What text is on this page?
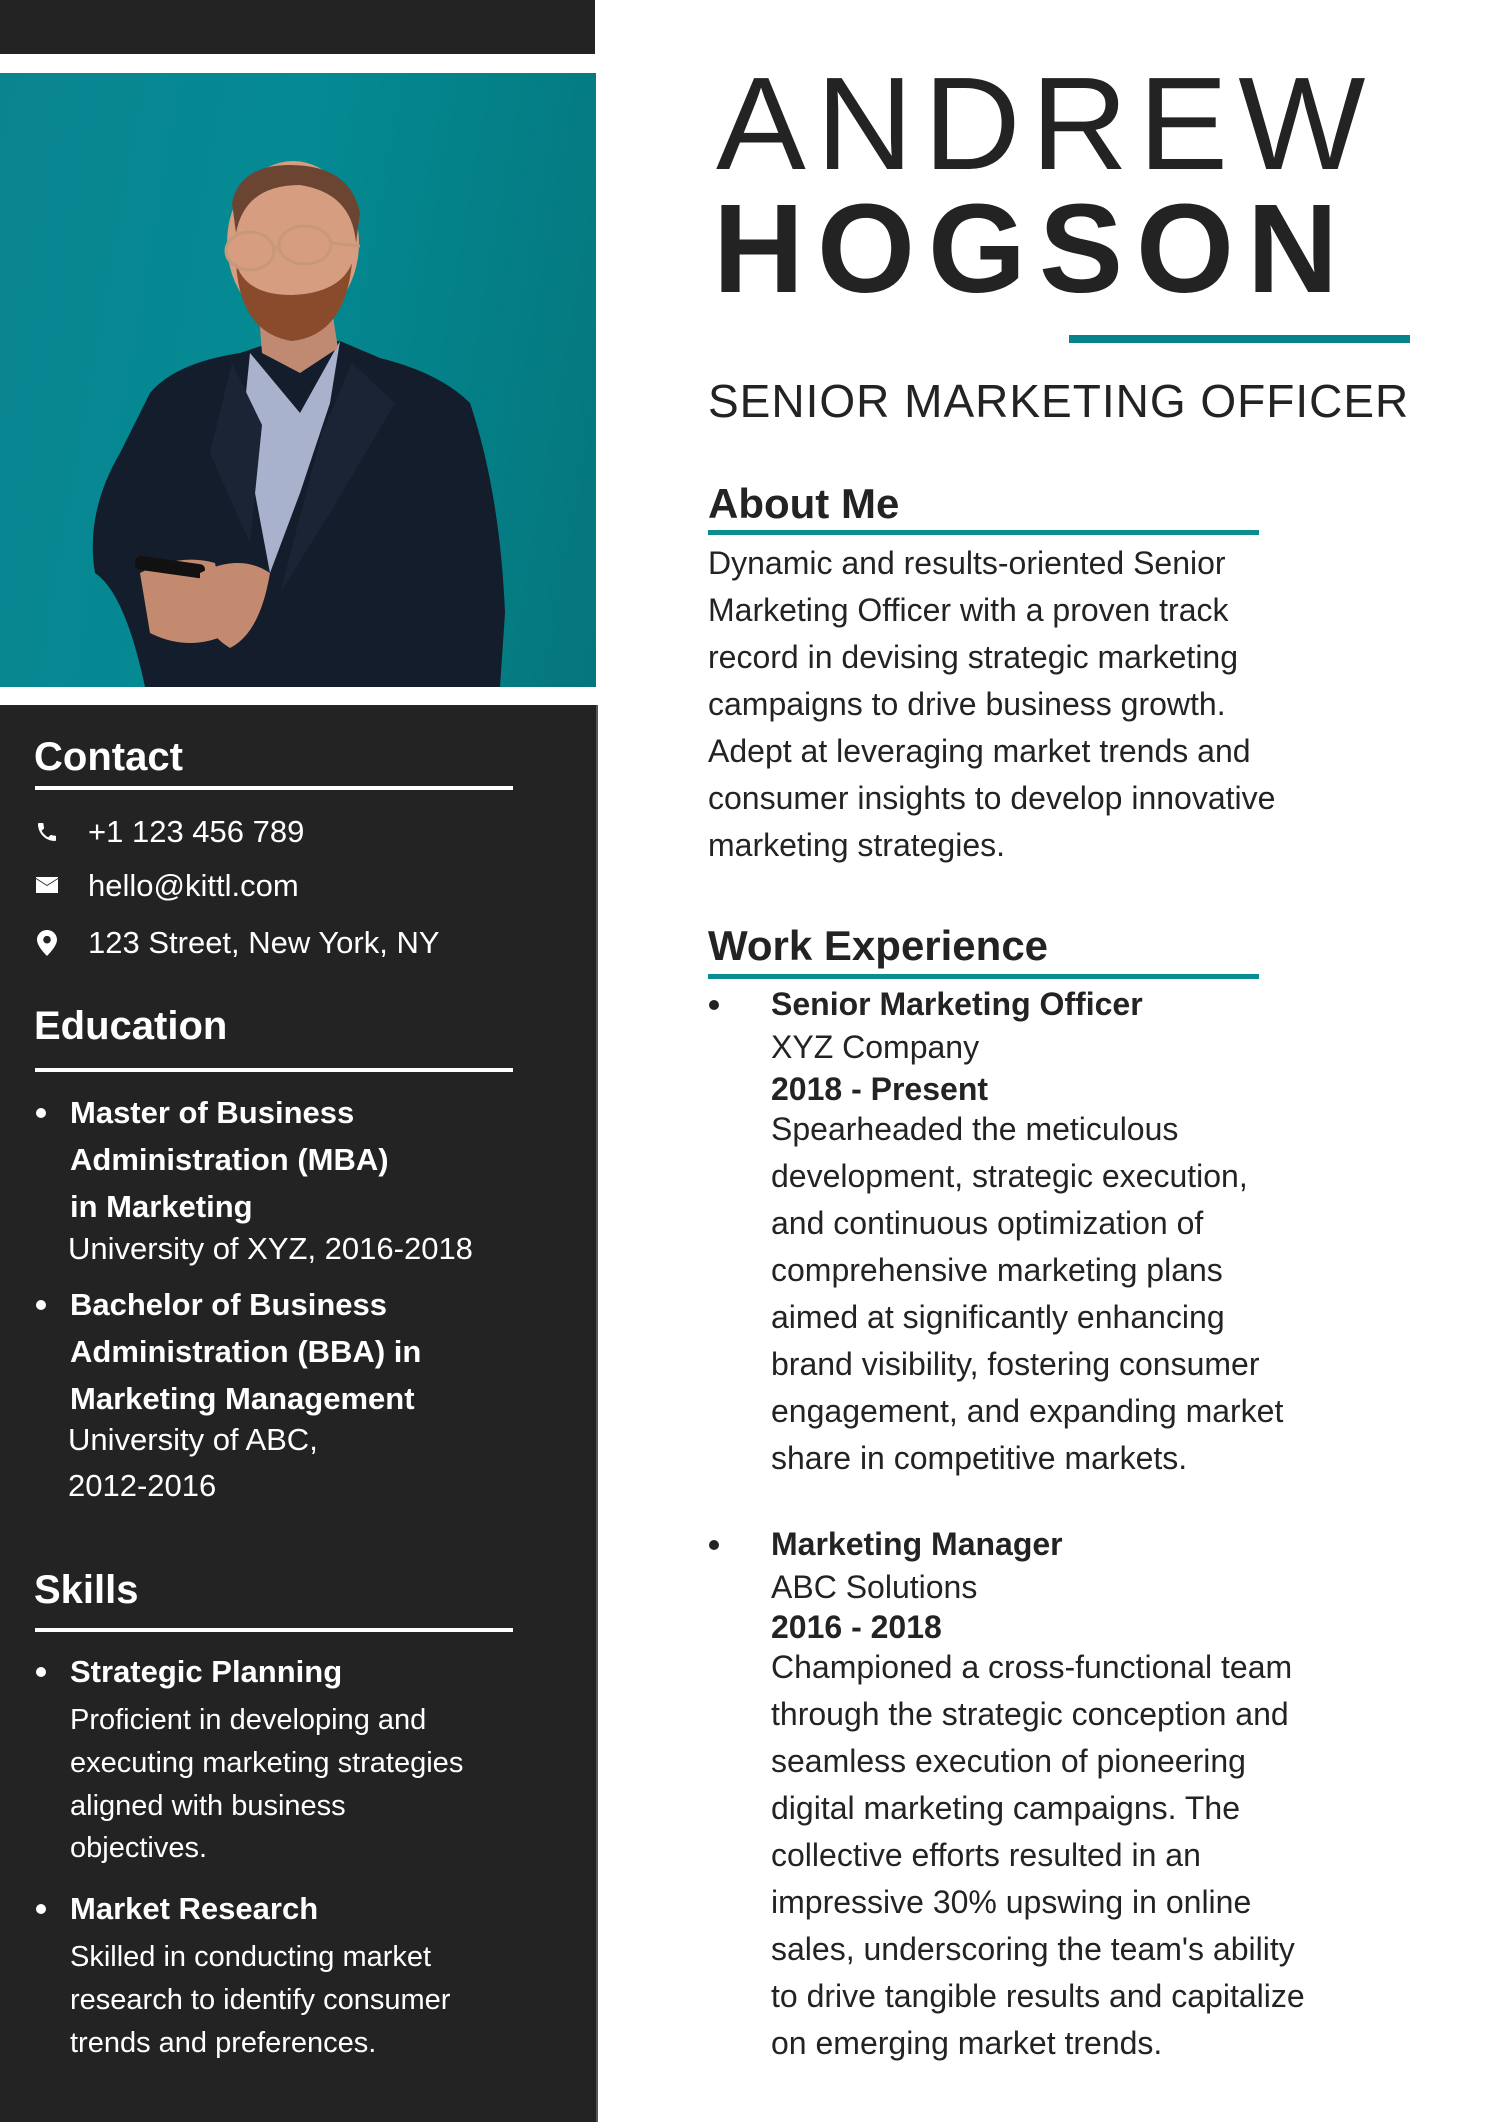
Contact
+1 123 456 789
hello@kittl.com
123 Street, New York, NY
Education
Master of Business
Administration (MBA)
in Marketing
University of XYZ, 2016-2018
Bachelor of Business
Administration (BBA) in
Marketing Management
University of ABC,
2012-2016
Skills
Strategic Planning
Proficient in developing and
executing marketing strategies
aligned with business
objectives.
Market Research
Skilled in conducting market
research to identify consumer
trends and preferences.
ANDREW
HOGSON
SENIOR MARKETING OFFICER
About Me
Dynamic and results-oriented Senior
Marketing Officer with a proven track
record in devising strategic marketing
campaigns to drive business growth.
Adept at leveraging market trends and
consumer insights to develop innovative
marketing strategies.
Work Experience
Senior Marketing Officer
XYZ Company
2018 - Present
Spearheaded the meticulous
development, strategic execution,
and continuous optimization of
comprehensive marketing plans
aimed at significantly enhancing
brand visibility, fostering consumer
engagement, and expanding market
share in competitive markets.
Marketing Manager
ABC Solutions
2016 - 2018
Championed a cross-functional team
through the strategic conception and
seamless execution of pioneering
digital marketing campaigns. The
collective efforts resulted in an
impressive 30% upswing in online
sales, underscoring the team's ability
to drive tangible results and capitalize
on emerging market trends.
